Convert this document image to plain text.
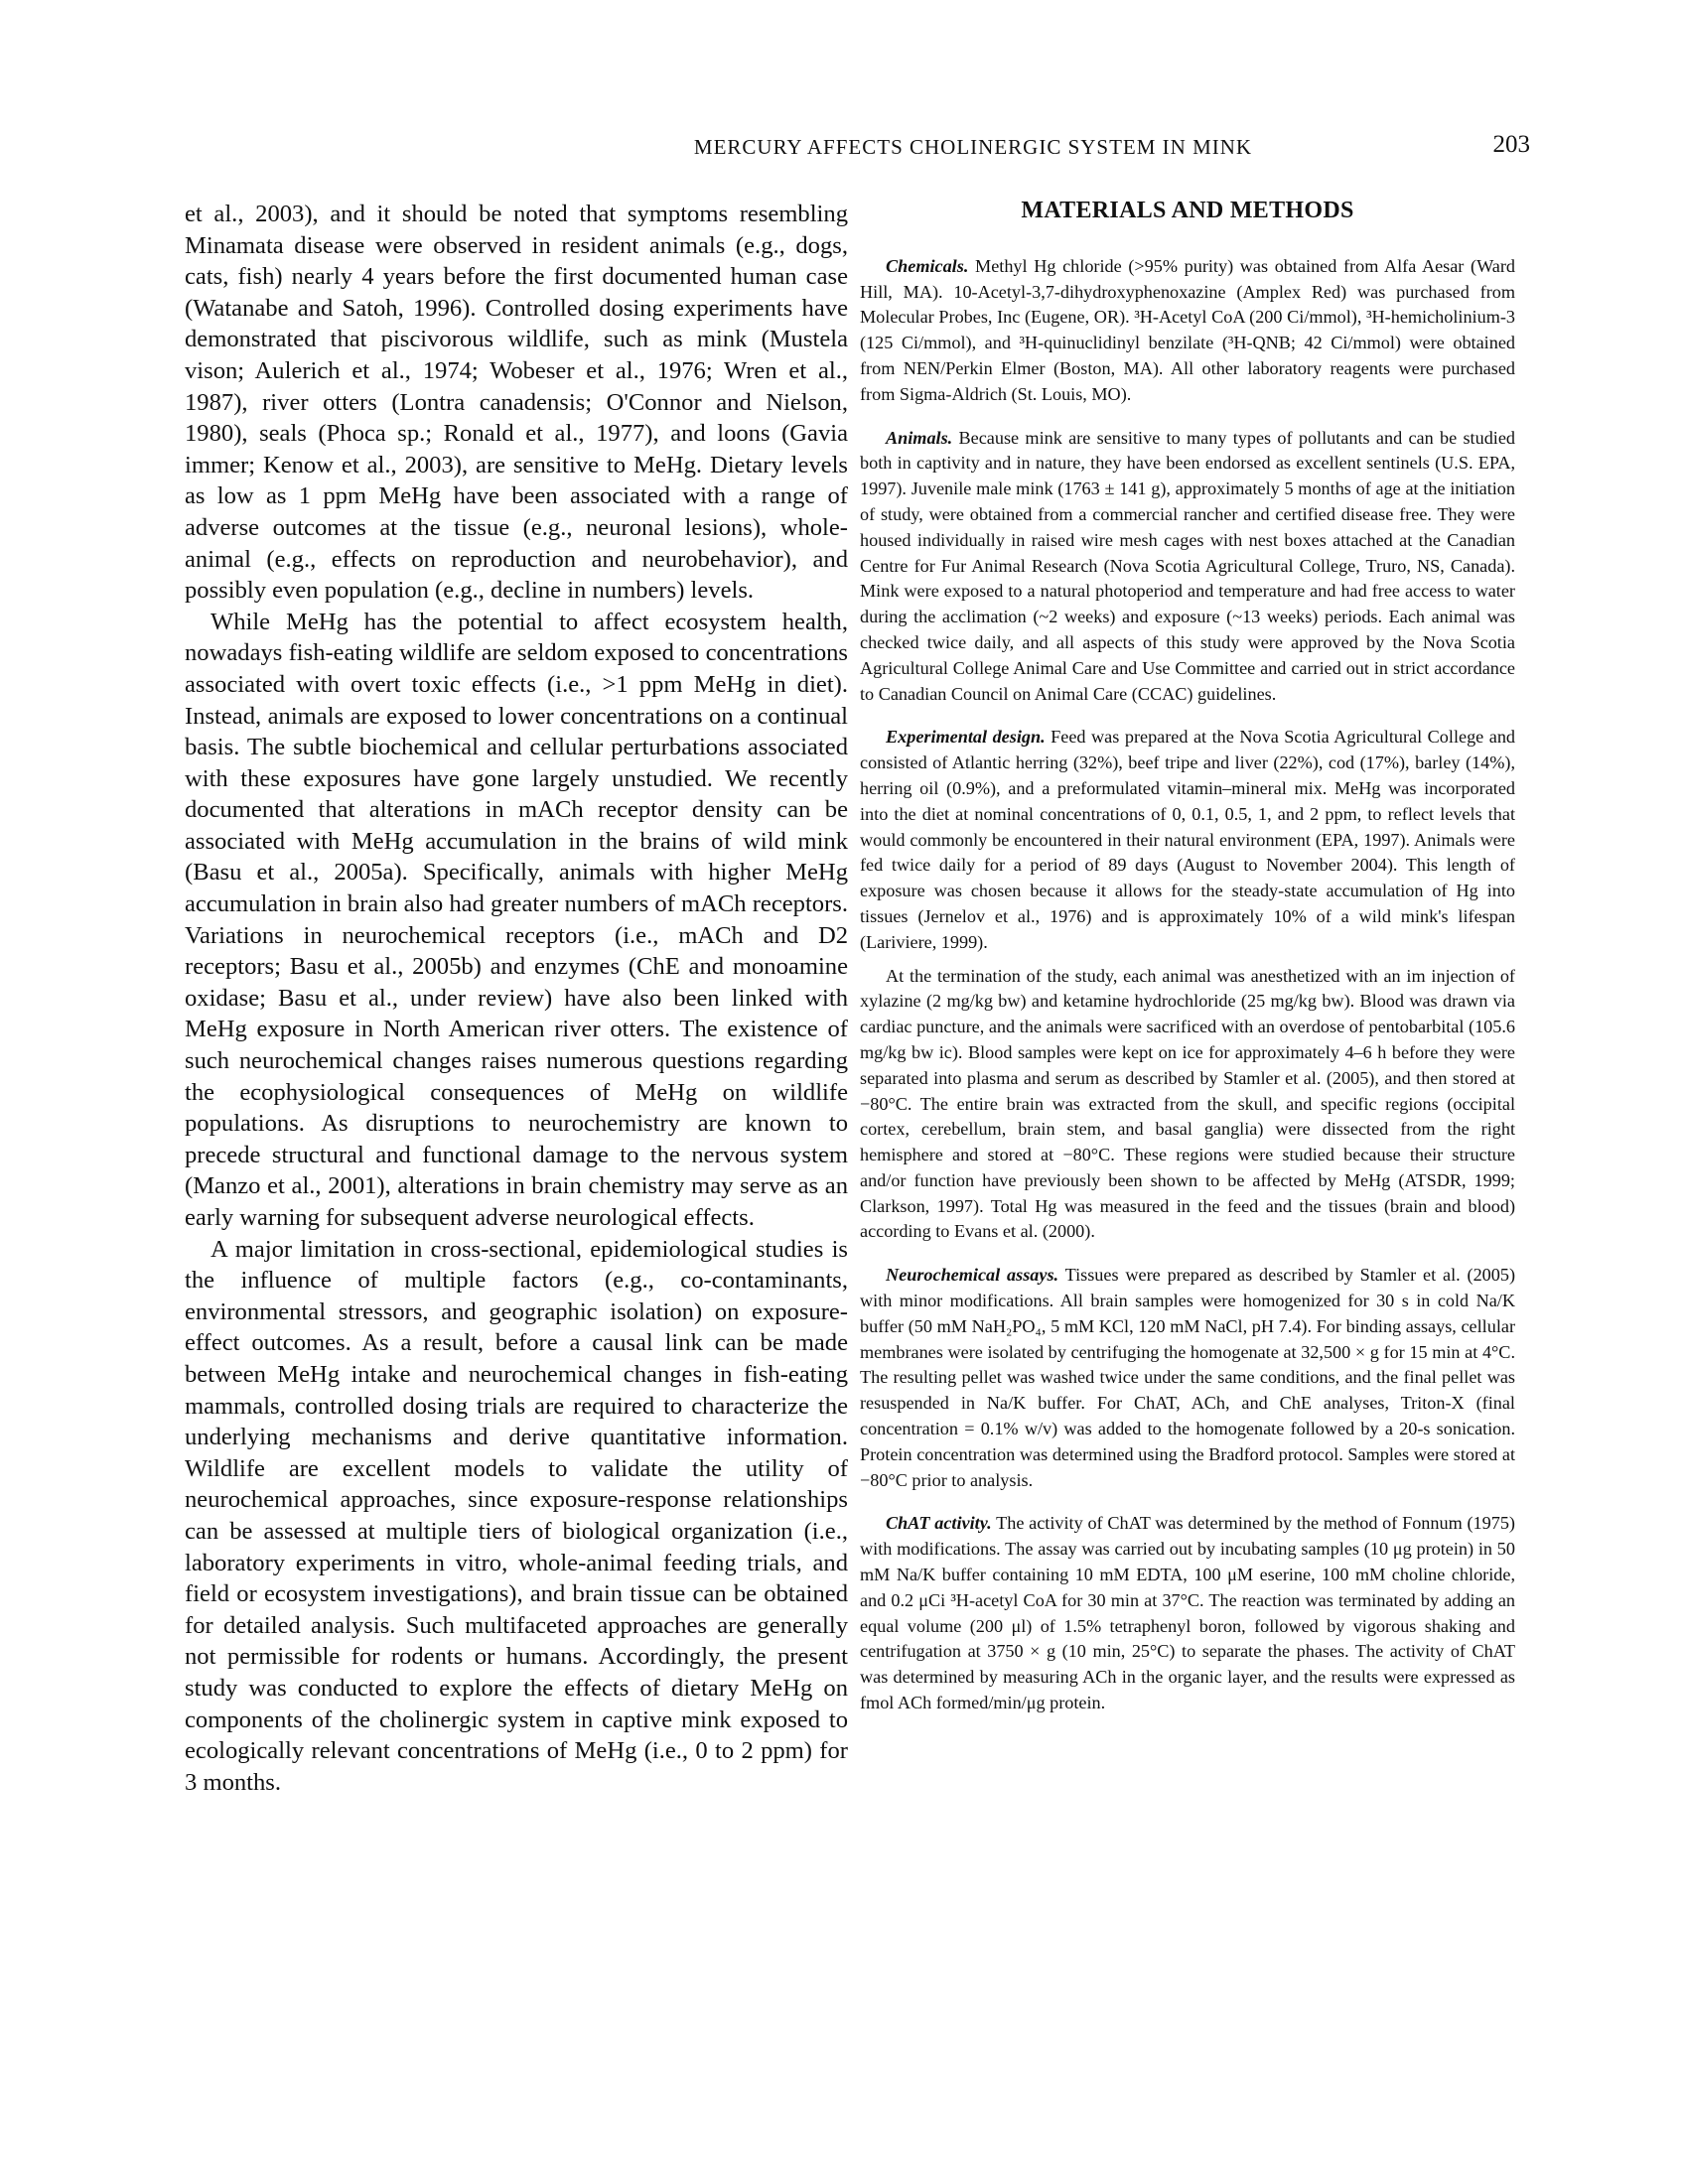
MERCURY AFFECTS CHOLINERGIC SYSTEM IN MINK	203

et al., 2003), and it should be noted that symptoms resembling Minamata disease were observed in resident animals (e.g., dogs, cats, fish) nearly 4 years before the first documented human case (Watanabe and Satoh, 1996). Controlled dosing experiments have demonstrated that piscivorous wildlife, such as mink (Mustela vison; Aulerich et al., 1974; Wobeser et al., 1976; Wren et al., 1987), river otters (Lontra canadensis; O'Connor and Nielson, 1980), seals (Phoca sp.; Ronald et al., 1977), and loons (Gavia immer; Kenow et al., 2003), are sensitive to MeHg. Dietary levels as low as 1 ppm MeHg have been associated with a range of adverse outcomes at the tissue (e.g., neuronal lesions), whole-animal (e.g., effects on reproduction and neurobehavior), and possibly even population (e.g., decline in numbers) levels.

While MeHg has the potential to affect ecosystem health, nowadays fish-eating wildlife are seldom exposed to concentrations associated with overt toxic effects (i.e., >1 ppm MeHg in diet). Instead, animals are exposed to lower concentrations on a continual basis. The subtle biochemical and cellular perturbations associated with these exposures have gone largely unstudied. We recently documented that alterations in mACh receptor density can be associated with MeHg accumulation in the brains of wild mink (Basu et al., 2005a). Specifically, animals with higher MeHg accumulation in brain also had greater numbers of mACh receptors. Variations in neurochemical receptors (i.e., mACh and D2 receptors; Basu et al., 2005b) and enzymes (ChE and monoamine oxidase; Basu et al., under review) have also been linked with MeHg exposure in North American river otters. The existence of such neurochemical changes raises numerous questions regarding the ecophysiological consequences of MeHg on wildlife populations. As disruptions to neurochemistry are known to precede structural and functional damage to the nervous system (Manzo et al., 2001), alterations in brain chemistry may serve as an early warning for subsequent adverse neurological effects.

A major limitation in cross-sectional, epidemiological studies is the influence of multiple factors (e.g., co-contaminants, environmental stressors, and geographic isolation) on exposure-effect outcomes. As a result, before a causal link can be made between MeHg intake and neurochemical changes in fish-eating mammals, controlled dosing trials are required to characterize the underlying mechanisms and derive quantitative information. Wildlife are excellent models to validate the utility of neurochemical approaches, since exposure-response relationships can be assessed at multiple tiers of biological organization (i.e., laboratory experiments in vitro, whole-animal feeding trials, and field or ecosystem investigations), and brain tissue can be obtained for detailed analysis. Such multifaceted approaches are generally not permissible for rodents or humans. Accordingly, the present study was conducted to explore the effects of dietary MeHg on components of the cholinergic system in captive mink exposed to ecologically relevant concentrations of MeHg (i.e., 0 to 2 ppm) for 3 months.

MATERIALS AND METHODS

Chemicals. Methyl Hg chloride (>95% purity) was obtained from Alfa Aesar (Ward Hill, MA). 10-Acetyl-3,7-dihydroxyphenoxazine (Amplex Red) was purchased from Molecular Probes, Inc (Eugene, OR). ³H-Acetyl CoA (200 Ci/mmol), ³H-hemicholinium-3 (125 Ci/mmol), and ³H-quinuclidinyl benzilate (³H-QNB; 42 Ci/mmol) were obtained from NEN/Perkin Elmer (Boston, MA). All other laboratory reagents were purchased from Sigma-Aldrich (St. Louis, MO).

Animals. Because mink are sensitive to many types of pollutants and can be studied both in captivity and in nature, they have been endorsed as excellent sentinels (U.S. EPA, 1997). Juvenile male mink (1763 ± 141 g), approximately 5 months of age at the initiation of study, were obtained from a commercial rancher and certified disease free. They were housed individually in raised wire mesh cages with nest boxes attached at the Canadian Centre for Fur Animal Research (Nova Scotia Agricultural College, Truro, NS, Canada). Mink were exposed to a natural photoperiod and temperature and had free access to water during the acclimation (~2 weeks) and exposure (~13 weeks) periods. Each animal was checked twice daily, and all aspects of this study were approved by the Nova Scotia Agricultural College Animal Care and Use Committee and carried out in strict accordance to Canadian Council on Animal Care (CCAC) guidelines.

Experimental design. Feed was prepared at the Nova Scotia Agricultural College and consisted of Atlantic herring (32%), beef tripe and liver (22%), cod (17%), barley (14%), herring oil (0.9%), and a preformulated vitamin–mineral mix. MeHg was incorporated into the diet at nominal concentrations of 0, 0.1, 0.5, 1, and 2 ppm, to reflect levels that would commonly be encountered in their natural environment (EPA, 1997). Animals were fed twice daily for a period of 89 days (August to November 2004). This length of exposure was chosen because it allows for the steady-state accumulation of Hg into tissues (Jernelov et al., 1976) and is approximately 10% of a wild mink's lifespan (Lariviere, 1999).

At the termination of the study, each animal was anesthetized with an im injection of xylazine (2 mg/kg bw) and ketamine hydrochloride (25 mg/kg bw). Blood was drawn via cardiac puncture, and the animals were sacrificed with an overdose of pentobarbital (105.6 mg/kg bw ic). Blood samples were kept on ice for approximately 4–6 h before they were separated into plasma and serum as described by Stamler et al. (2005), and then stored at −80°C. The entire brain was extracted from the skull, and specific regions (occipital cortex, cerebellum, brain stem, and basal ganglia) were dissected from the right hemisphere and stored at −80°C. These regions were studied because their structure and/or function have previously been shown to be affected by MeHg (ATSDR, 1999; Clarkson, 1997). Total Hg was measured in the feed and the tissues (brain and blood) according to Evans et al. (2000).

Neurochemical assays. Tissues were prepared as described by Stamler et al. (2005) with minor modifications. All brain samples were homogenized for 30 s in cold Na/K buffer (50 mM NaH₂PO₄, 5 mM KCl, 120 mM NaCl, pH 7.4). For binding assays, cellular membranes were isolated by centrifuging the homogenate at 32,500 × g for 15 min at 4°C. The resulting pellet was washed twice under the same conditions, and the final pellet was resuspended in Na/K buffer. For ChAT, ACh, and ChE analyses, Triton-X (final concentration = 0.1% w/v) was added to the homogenate followed by a 20-s sonication. Protein concentration was determined using the Bradford protocol. Samples were stored at −80°C prior to analysis.

ChAT activity. The activity of ChAT was determined by the method of Fonnum (1975) with modifications. The assay was carried out by incubating samples (10 μg protein) in 50 mM Na/K buffer containing 10 mM EDTA, 100 μM eserine, 100 mM choline chloride, and 0.2 μCi ³H-acetyl CoA for 30 min at 37°C. The reaction was terminated by adding an equal volume (200 μl) of 1.5% tetraphenyl boron, followed by vigorous shaking and centrifugation at 3750 × g (10 min, 25°C) to separate the phases. The activity of ChAT was determined by measuring ACh in the organic layer, and the results were expressed as fmol ACh formed/min/μg protein.
